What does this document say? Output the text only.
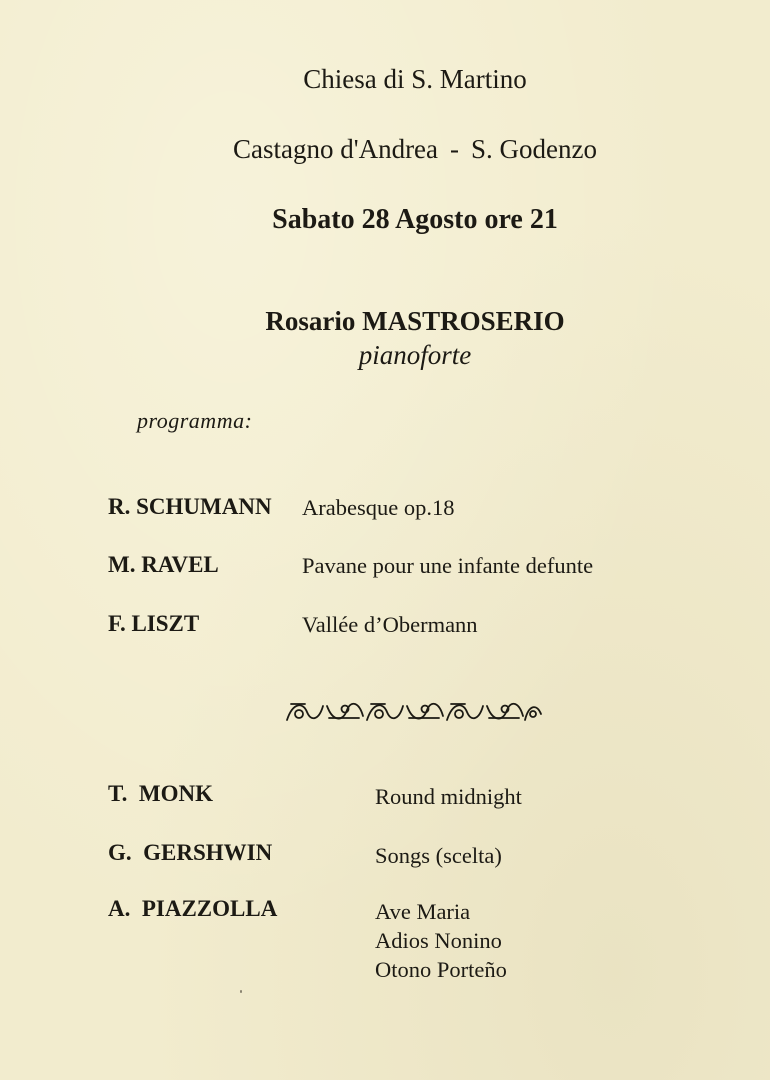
Chiesa di S. Martino
Castagno d'Andrea - S. Godenzo
Sabato 28 Agosto ore 21
Rosario MASTROSERIO
pianoforte
programma:
R. SCHUMANN Arabesque op.18
M. RAVEL	Pavane pour une infante defunte
F. LISZT	Vallée d’Obermann
T.  MONK	Round midnight
G.  GERSHWIN	Songs (scelta)
A.  PIAZZOLLA	Ave Maria
Adios Nonino
Otono Porteño
